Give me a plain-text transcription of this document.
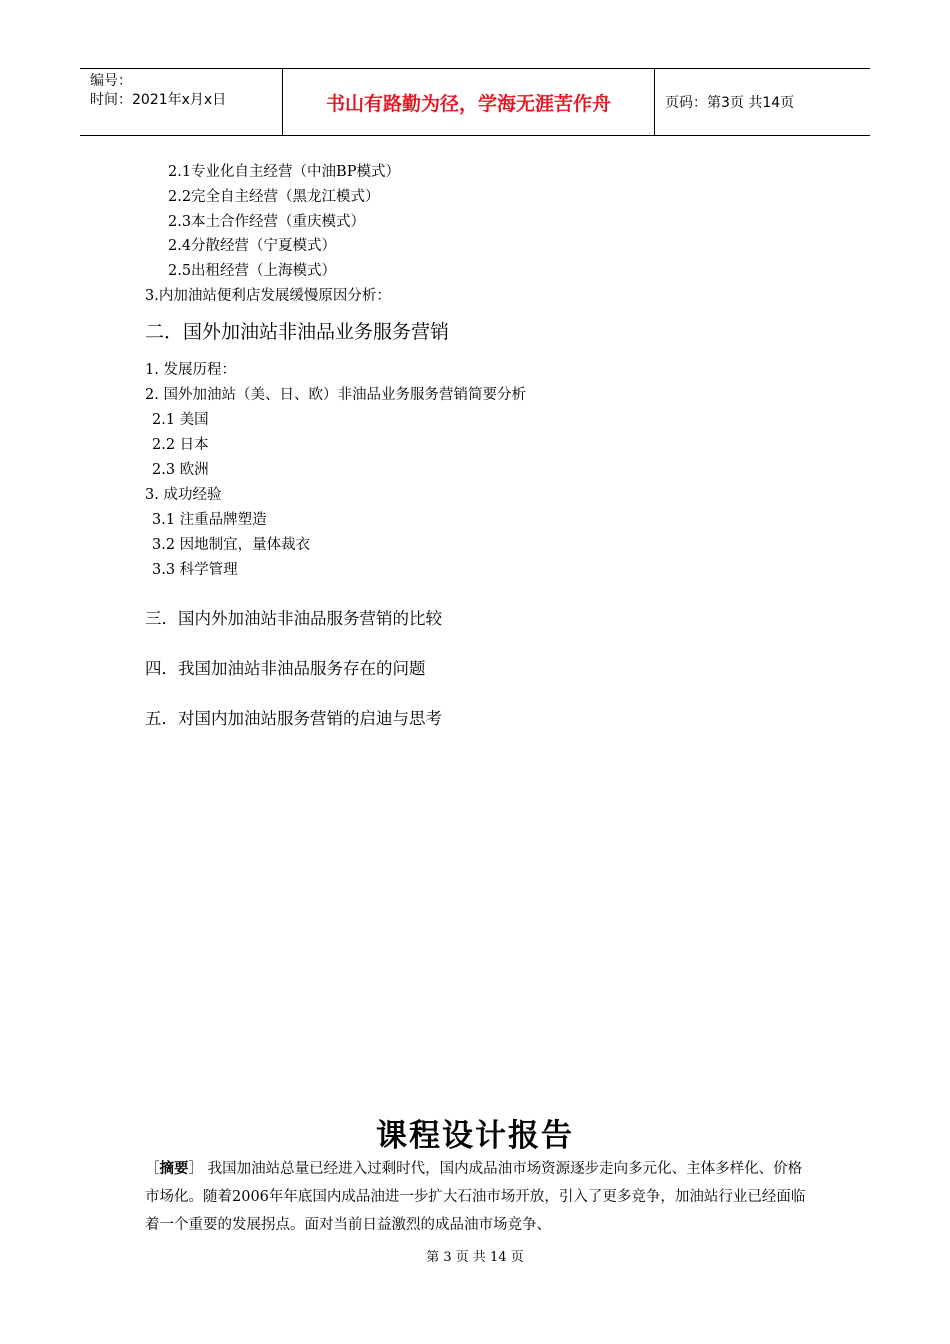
编号：
时间：2021年x月x日	书山有路勤为径，学海无涯苦作舟	页码：第3页 共14页
2.1专业化自主经营（中油BP模式）
2.2完全自主经营（黑龙江模式）
2.3本土合作经营（重庆模式）
2.4分散经营（宁夏模式）
2.5出租经营（上海模式）
3.内加油站便利店发展缓慢原因分析：
二．国外加油站非油品业务服务营销
1. 发展历程：
2. 国外加油站（美、日、欧）非油品业务服务营销简要分析
2.1 美国
2.2 日本
2.3 欧洲
3. 成功经验
3.1 注重品牌塑造
3.2 因地制宜，量体裁衣
3.3 科学管理
三．国内外加油站非油品服务营销的比较
四．我国加油站非油品服务存在的问题
五．对国内加油站服务营销的启迪与思考
课程设计报告
［摘要］ 我国加油站总量已经进入过剩时代，国内成品油市场资源逐步走向多元化、主体多样化、价格市场化。随着2006年年底国内成品油进一步扩大石油市场开放，引入了更多竞争，加油站行业已经面临着一个重要的发展拐点。面对当前日益激烈的成品油市场竞争、
第 3 页 共 14 页
